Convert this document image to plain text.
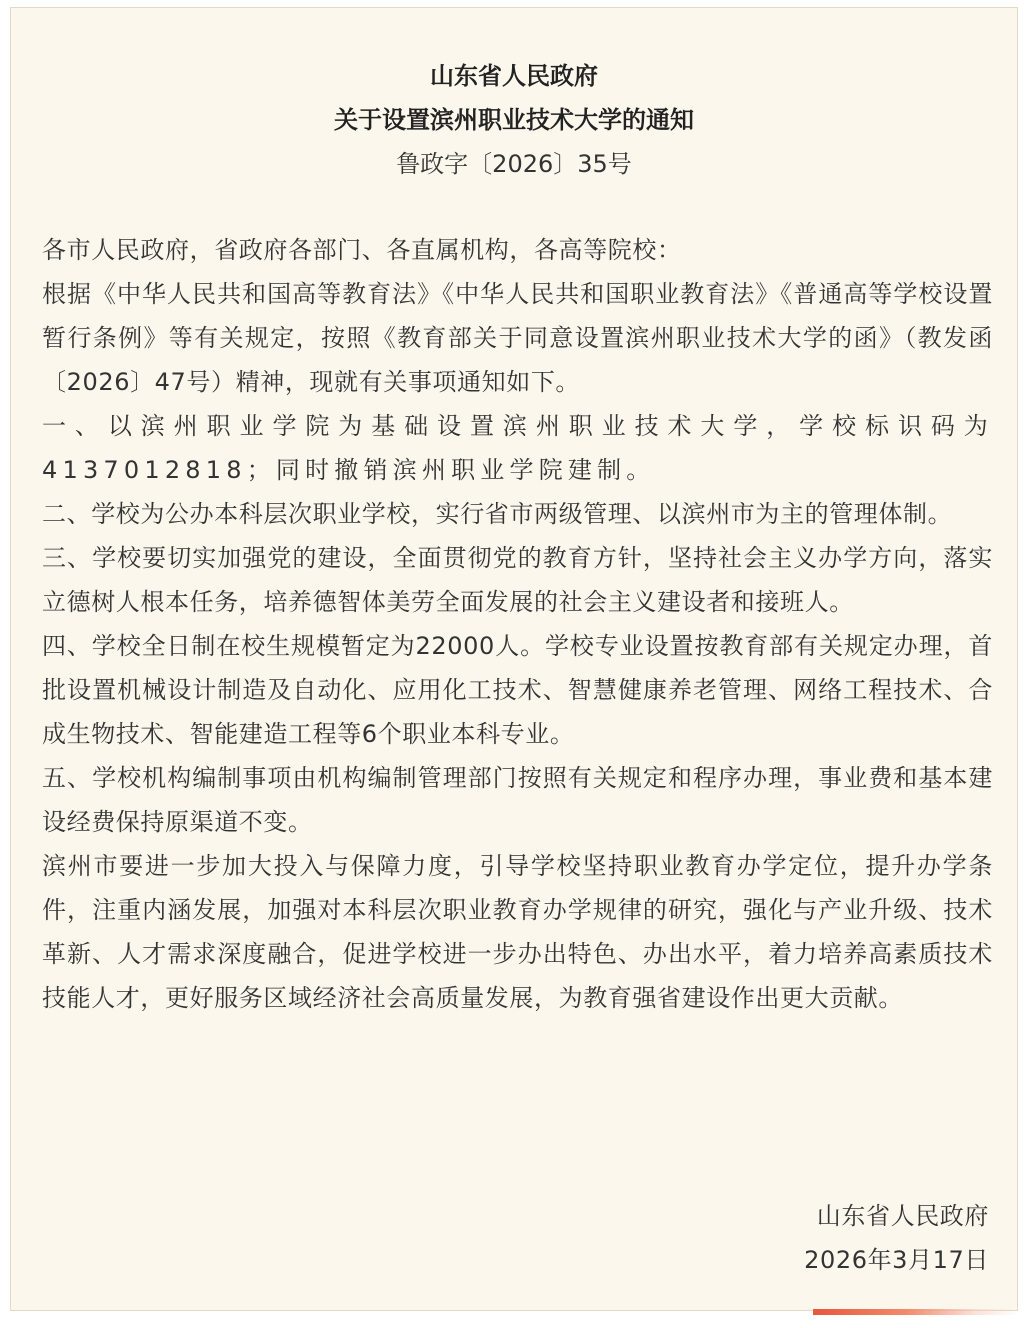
山东省人民政府
关于设置滨州职业技术大学的通知
鲁政字〔2026〕35号

各市人民政府，省政府各部门、各直属机构，各高等院校：

根据《中华人民共和国高等教育法》《中华人民共和国职业教育法》《普通高等学校设置暂行条例》等有关规定，按照《教育部关于同意设置滨州职业技术大学的函》（教发函〔2026〕47号）精神，现就有关事项通知如下。

一、以滨州职业学院为基础设置滨州职业技术大学，学校标识码为4137012818；同时撤销滨州职业学院建制。

二、学校为公办本科层次职业学校，实行省市两级管理、以滨州市为主的管理体制。

三、学校要切实加强党的建设，全面贯彻党的教育方针，坚持社会主义办学方向，落实立德树人根本任务，培养德智体美劳全面发展的社会主义建设者和接班人。

四、学校全日制在校生规模暂定为22000人。学校专业设置按教育部有关规定办理，首批设置机械设计制造及自动化、应用化工技术、智慧健康养老管理、网络工程技术、合成生物技术、智能建造工程等6个职业本科专业。

五、学校机构编制事项由机构编制管理部门按照有关规定和程序办理，事业费和基本建设经费保持原渠道不变。

滨州市要进一步加大投入与保障力度，引导学校坚持职业教育办学定位，提升办学条件，注重内涵发展，加强对本科层次职业教育办学规律的研究，强化与产业升级、技术革新、人才需求深度融合，促进学校进一步办出特色、办出水平，着力培养高素质技术技能人才，更好服务区域经济社会高质量发展，为教育强省建设作出更大贡献。

山东省人民政府
2026年3月17日
